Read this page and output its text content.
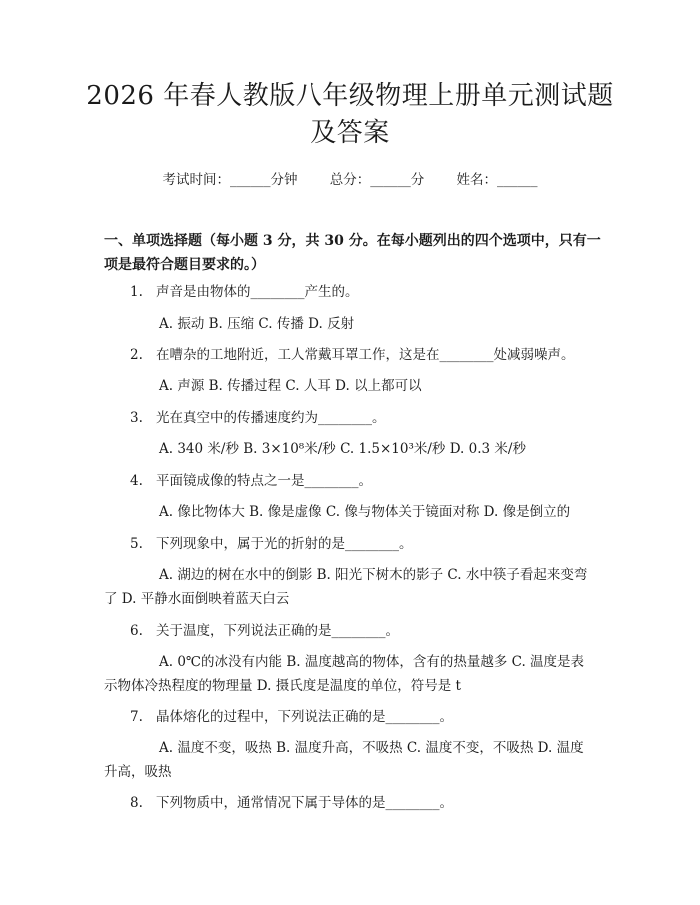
2026 年春人教版八年级物理上册单元测试题
及答案
考试时间：______分钟 总分：______分 姓名：______
一、单项选择题（每小题 3 分，共 30 分。在每小题列出的四个选项中，只有一项是最符合题目要求的。）
1. 声音是由物体的________产生的。
A. 振动 B. 压缩 C. 传播 D. 反射
2. 在嘈杂的工地附近，工人常戴耳罩工作，这是在________处减弱噪声。
A. 声源 B. 传播过程 C. 人耳 D. 以上都可以
3. 光在真空中的传播速度约为________。
A. 340 米/秒 B. 3×10⁸米/秒 C. 1.5×10³米/秒 D. 0.3 米/秒
4. 平面镜成像的特点之一是________。
A. 像比物体大 B. 像是虚像 C. 像与物体关于镜面对称 D. 像是倒立的
5. 下列现象中，属于光的折射的是________。
A. 湖边的树在水中的倒影 B. 阳光下树木的影子 C. 水中筷子看起来变弯了 D. 平静水面倒映着蓝天白云
6. 关于温度，下列说法正确的是________。
A. 0℃的冰没有内能 B. 温度越高的物体，含有的热量越多 C. 温度是表示物体冷热程度的物理量 D. 摄氏度是温度的单位，符号是 t
7. 晶体熔化的过程中，下列说法正确的是________。
A. 温度不变，吸热 B. 温度升高，不吸热 C. 温度不变，不吸热 D. 温度升高，吸热
8. 下列物质中，通常情况下属于导体的是________。
